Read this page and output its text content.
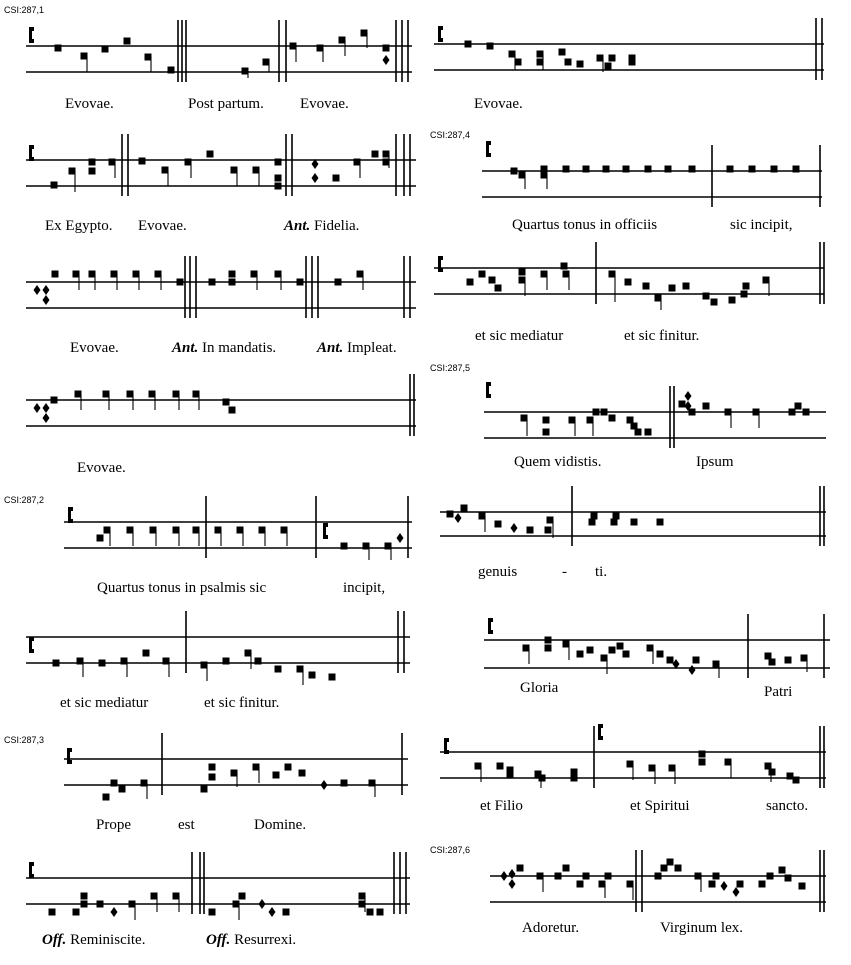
CSI:287,1
Evovae.	Post partum. Evovae.
Ex Egypto. Evovae.	Ant. Fidelia.
Evovae.	Ant. In mandatis.	Ant. Impleat.
Evovae.
CSI:287,2
Quartus tonus in psalmis sic	incipit,
et sic mediatur	et sic finitur.
CSI:287,3
Prope	est	Domine.
Off. Reminiscite.	Off. Resurrexi.
Evovae.
CSI:287,4
Quartus tonus in officiis	sic incipit,
et sic mediatur	et sic finitur.
CSI:287,5
Quem vidistis.	Ipsum
genuis	- ti.
Gloria	Patri
et Filio	et Spiritui	sancto.
CSI:287,6
Adoretur.	Virginum lex.
